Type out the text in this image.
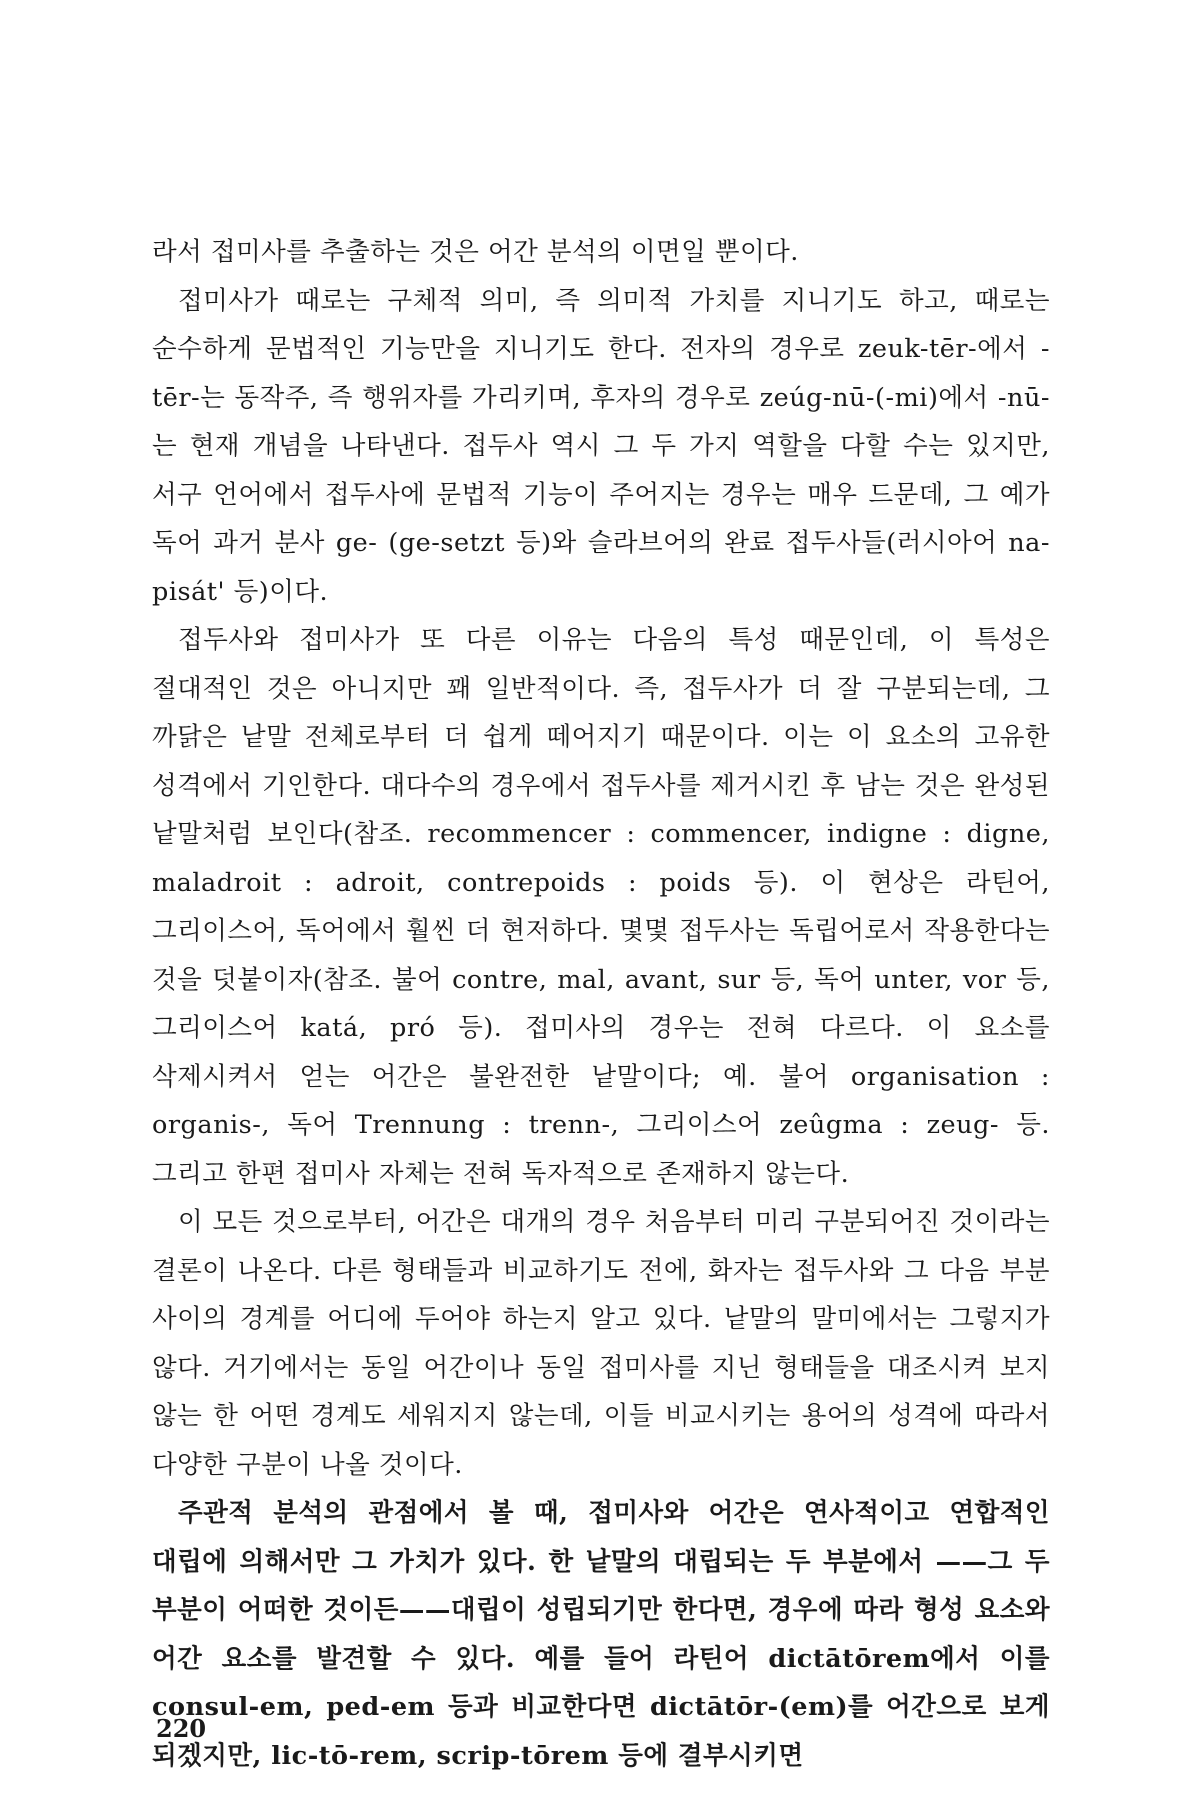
라서 접미사를 추출하는 것은 어간 분석의 이면일 뿐이다.

접미사가 때로는 구체적 의미, 즉 의미적 가치를 지니기도 하고, 때로는 순수하게 문법적인 기능만을 지니기도 한다. 전자의 경우로 zeuk-tēr-에서 -tēr-는 동작주, 즉 행위자를 가리키며, 후자의 경우로 zeúg-nū-(-mi)에서 -nū-는 현재 개념을 나타낸다. 접두사 역시 그 두 가지 역할을 다할 수는 있지만, 서구 언어에서 접두사에 문법적 기능이 주어지는 경우는 매우 드문데, 그 예가 독어 과거 분사 ge- (ge-setzt 등)와 슬라브어의 완료 접두사들(러시아어 na-pisát' 등)이다.

접두사와 접미사가 또 다른 이유는 다음의 특성 때문인데, 이 특성은 절대적인 것은 아니지만 꽤 일반적이다. 즉, 접두사가 더 잘 구분되는데, 그 까닭은 낱말 전체로부터 더 쉽게 떼어지기 때문이다. 이는 이 요소의 고유한 성격에서 기인한다. 대다수의 경우에서 접두사를 제거시킨 후 남는 것은 완성된 낱말처럼 보인다(참조. recommencer : commencer, indigne : digne, maladroit : adroit, contrepoids : poids 등). 이 현상은 라틴어, 그리이스어, 독어에서 훨씬 더 현저하다. 몇몇 접두사는 독립어로서 작용한다는 것을 덧붙이자(참조. 불어 contre, mal, avant, sur 등, 독어 unter, vor 등, 그리이스어 katá, pró 등). 접미사의 경우는 전혀 다르다. 이 요소를 삭제시켜서 얻는 어간은 불완전한 낱말이다; 예. 불어 organisation : organis-, 독어 Trennung : trenn-, 그리이스어 zeûgma : zeug- 등. 그리고 한편 접미사 자체는 전혀 독자적으로 존재하지 않는다.

이 모든 것으로부터, 어간은 대개의 경우 처음부터 미리 구분되어진 것이라는 결론이 나온다. 다른 형태들과 비교하기도 전에, 화자는 접두사와 그 다음 부분 사이의 경계를 어디에 두어야 하는지 알고 있다. 낱말의 말미에서는 그렇지가 않다. 거기에서는 동일 어간이나 동일 접미사를 지닌 형태들을 대조시켜 보지 않는 한 어떤 경계도 세워지지 않는데, 이들 비교시키는 용어의 성격에 따라서 다양한 구분이 나올 것이다.

주관적 분석의 관점에서 볼 때, 접미사와 어간은 연사적이고 연합적인 대립에 의해서만 그 가치가 있다. 한 낱말의 대립되는 두 부분에서 ——그 두 부분이 어떠한 것이든——대립이 성립되기만 한다면, 경우에 따라 형성 요소와 어간 요소를 발견할 수 있다. 예를 들어 라틴어 dictātōrem에서 이를 consul-em, ped-em 등과 비교한다면 dictātōr-(em)를 어간으로 보게 되겠지만, lic-tō-rem, scrip-tōrem 등에 결부시키면

220
